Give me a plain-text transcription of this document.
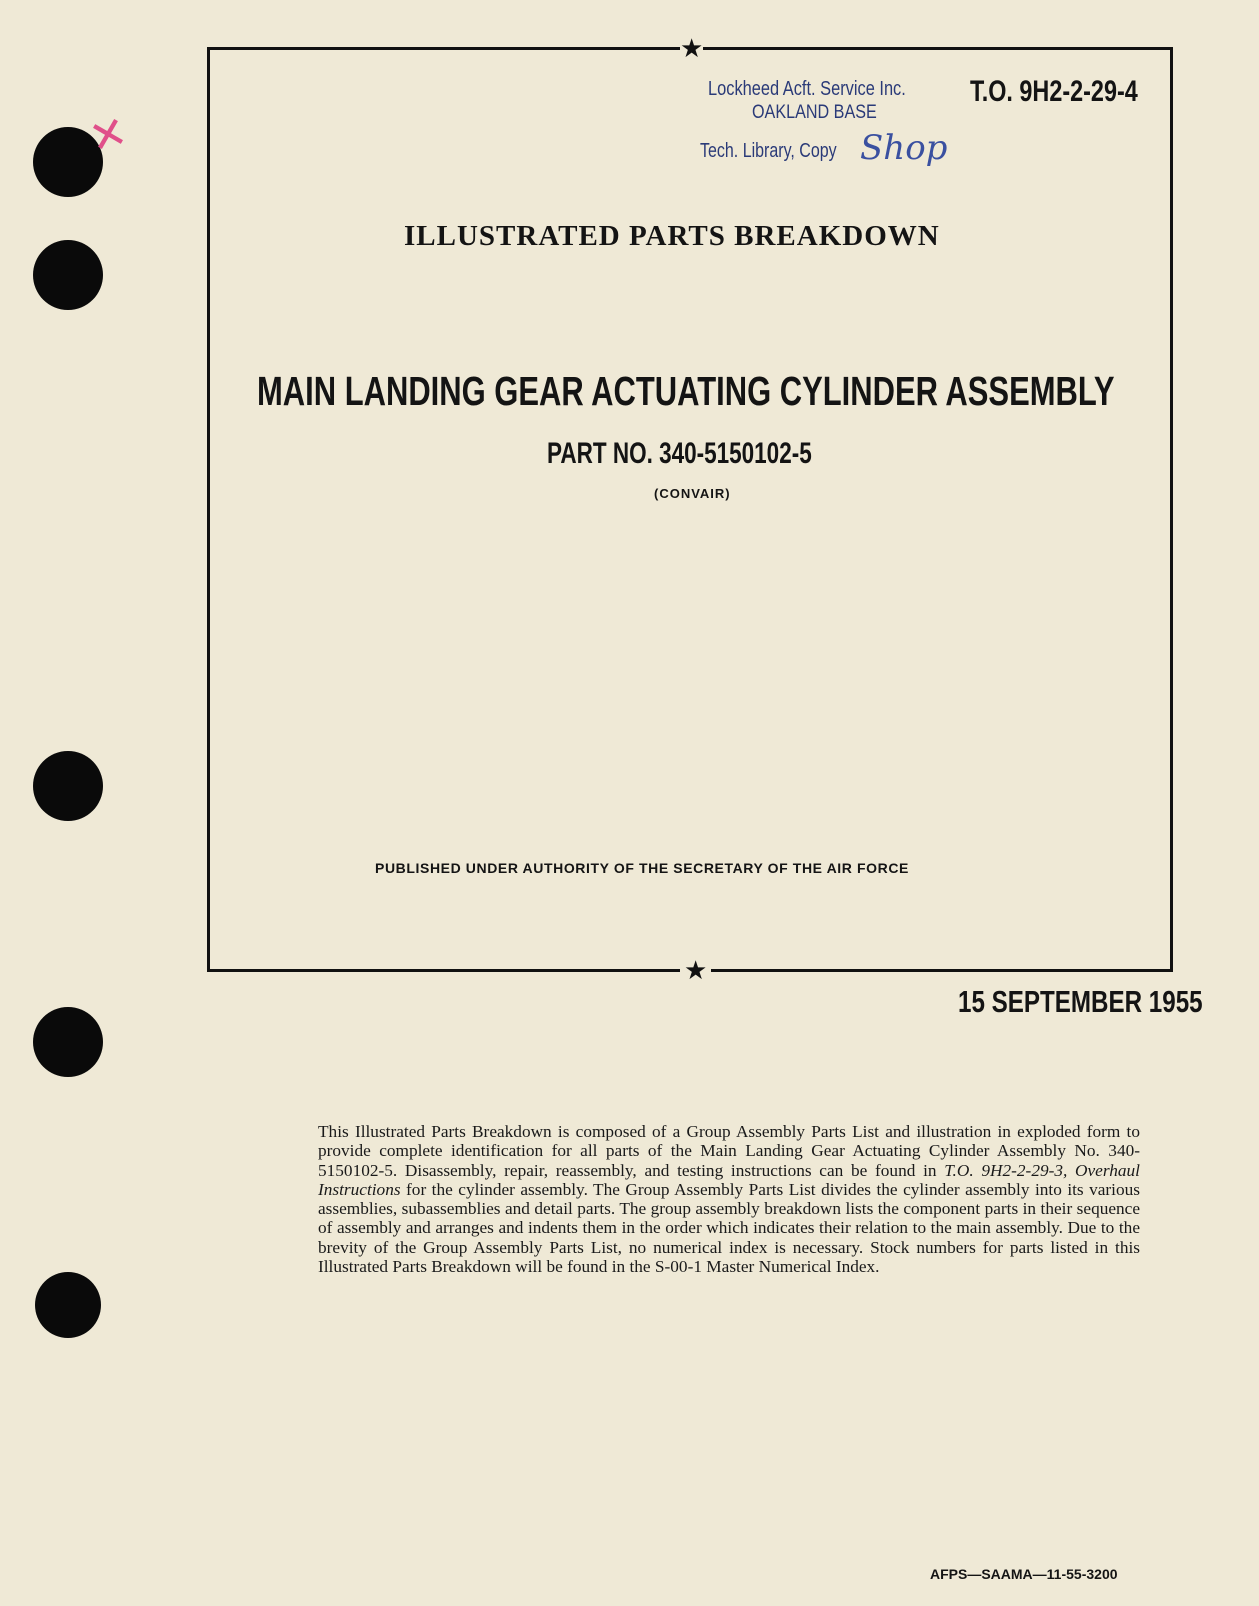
✕
★
★
Lockheed Acft. Service Inc.
OAKLAND BASE
Tech. Library, Copy Shop
T.O. 9H2-2-29-4
ILLUSTRATED PARTS BREAKDOWN
MAIN LANDING GEAR ACTUATING CYLINDER ASSEMBLY
PART NO. 340-5150102-5
(CONVAIR)
PUBLISHED UNDER AUTHORITY OF THE SECRETARY OF THE AIR FORCE
15 SEPTEMBER 1955
This Illustrated Parts Breakdown is composed of a Group Assembly Parts List and illustration in exploded form to provide complete identification for all parts of the Main Landing Gear Actuating Cylinder Assembly No. 340-5150102-5. Disassembly, repair, reassembly, and testing instructions can be found in T.O. 9H2-2-29-3, Overhaul Instructions for the cylinder assembly. The Group Assembly Parts List divides the cylinder assembly into its various assemblies, subassemblies and detail parts. The group assembly breakdown lists the component parts in their sequence of assembly and arranges and indents them in the order which indicates their relation to the main assembly. Due to the brevity of the Group Assembly Parts List, no numerical index is necessary. Stock numbers for parts listed in this Illustrated Parts Breakdown will be found in the S-00-1 Master Numerical Index.
AFPS—SAAMA—11-55-3200
